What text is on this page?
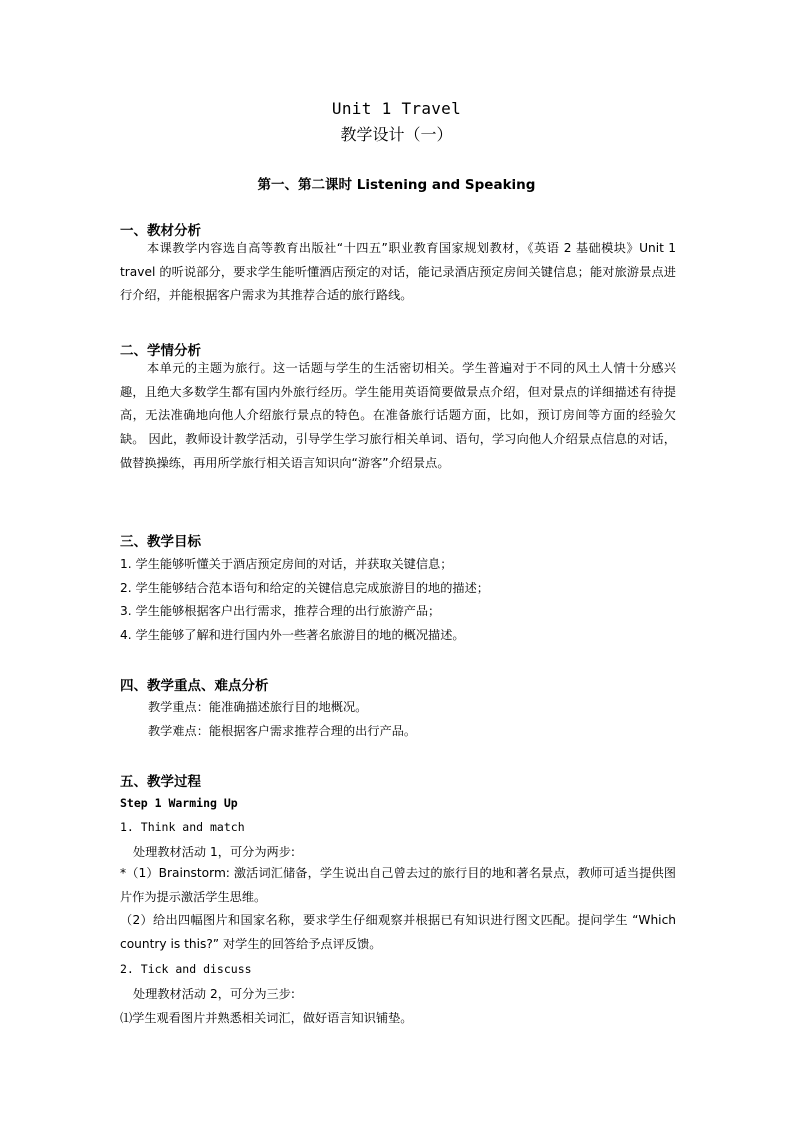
Unit 1 Travel
教学设计（一）
第一、第二课时 Listening and Speaking
一、教材分析

本课教学内容选自高等教育出版社“十四五”职业教育国家规划教材，《英语 2 基础模块》Unit 1 travel 的听说部分，要求学生能听懂酒店预定的对话，能记录酒店预定房间关键信息；能对旅游景点进行介绍，并能根据客户需求为其推荐合适的旅行路线。

二、学情分析

本单元的主题为旅行。这一话题与学生的生活密切相关。学生普遍对于不同的风土人情十分感兴趣，且绝大多数学生都有国内外旅行经历。学生能用英语简要做景点介绍，但对景点的详细描述有待提高，无法准确地向他人介绍旅行景点的特色。在准备旅行话题方面，比如，预订房间等方面的经验欠缺。 因此，教师设计教学活动，引导学生学习旅行相关单词、语句，学习向他人介绍景点信息的对话，做替换操练，再用所学旅行相关语言知识向“游客”介绍景点。

三、教学目标
1. 学生能够听懂关于酒店预定房间的对话，并获取关键信息；
2. 学生能够结合范本语句和给定的关键信息完成旅游目的地的描述；
3. 学生能够根据客户出行需求，推荐合理的出行旅游产品；
4. 学生能够了解和进行国内外一些著名旅游目的地的概况描述。
四、教学重点、难点分析
教学重点：能准确描述旅行目的地概况。
教学难点：能根据客户需求推荐合理的出行产品。
五、教学过程
Step 1 Warming Up
1. Think and match
处理教材活动 1，可分为两步:

*（1）Brainstorm: 激活词汇储备，学生说出自己曾去过的旅行目的地和著名景点，教师可适当提供图片作为提示激活学生思维。

（2）给出四幅图片和国家名称，要求学生仔细观察并根据已有知识进行图文匹配。提问学生 “Which country is this?” 对学生的回答给予点评反馈。

2. Tick and discuss
处理教材活动 2，可分为三步:
⑴学生观看图片并熟悉相关词汇，做好语言知识铺垫。
